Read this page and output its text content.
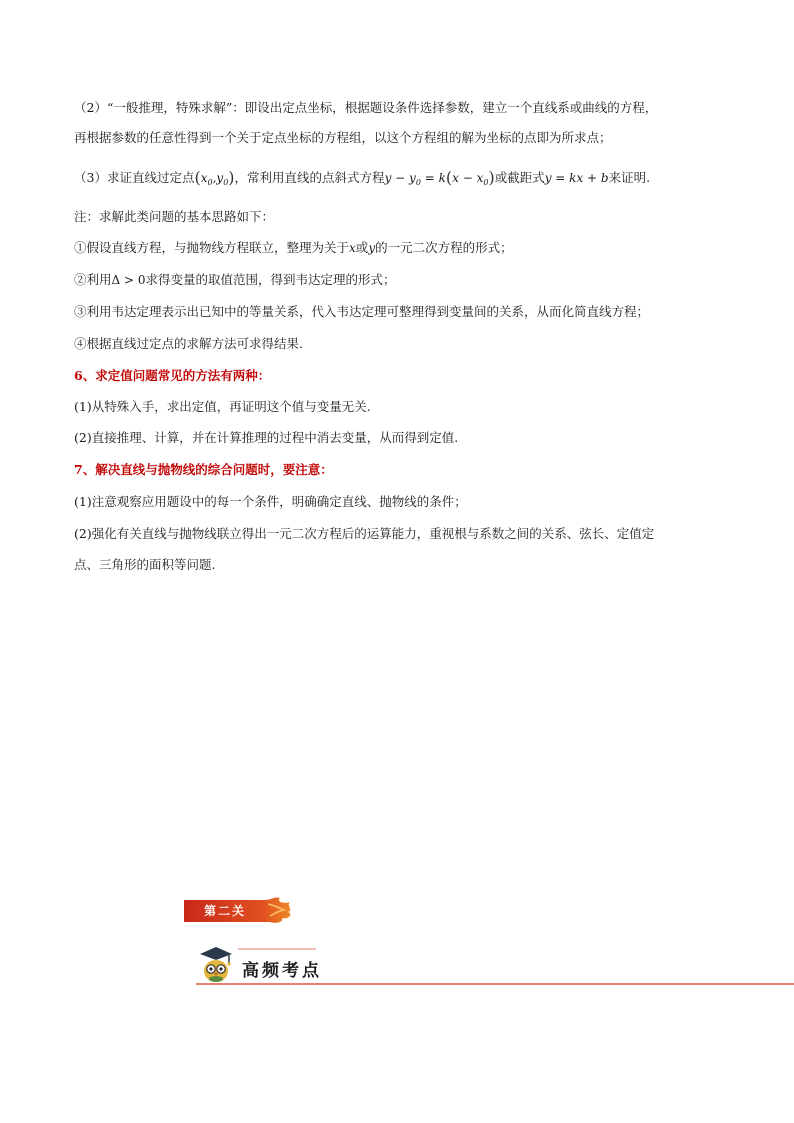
（2）“一般推理，特殊求解”：即设出定点坐标，根据题设条件选择参数，建立一个直线系或曲线的方程，
再根据参数的任意性得到一个关于定点坐标的方程组，以这个方程组的解为坐标的点即为所求点；
（3）求证直线过定点$(x_0,y_0)$，常利用直线的点斜式方程$y - y_0 = k(x - x_0)$或截距式y = kx + b来证明.
注：求解此类问题的基本思路如下：
①假设直线方程，与抛物线方程联立，整理为关于x或y的一元二次方程的形式；
②利用Δ > 0求得变量的取值范围，得到韦达定理的形式；
③利用韦达定理表示出已知中的等量关系，代入韦达定理可整理得到变量间的关系，从而化简直线方程；
④根据直线过定点的求解方法可求得结果.
6、求定值问题常见的方法有两种：
(1)从特殊入手，求出定值，再证明这个值与变量无关.
(2)直接推理、计算，并在计算推理的过程中消去变量，从而得到定值.
7、解决直线与抛物线的综合问题时，要注意：
(1)注意观察应用题设中的每一个条件，明确确定直线、抛物线的条件；
(2)强化有关直线与抛物线联立得出一元二次方程后的运算能力，重视根与系数之间的关系、弦长、定值定
点、三角形的面积等问题.
第二关
高频考点
